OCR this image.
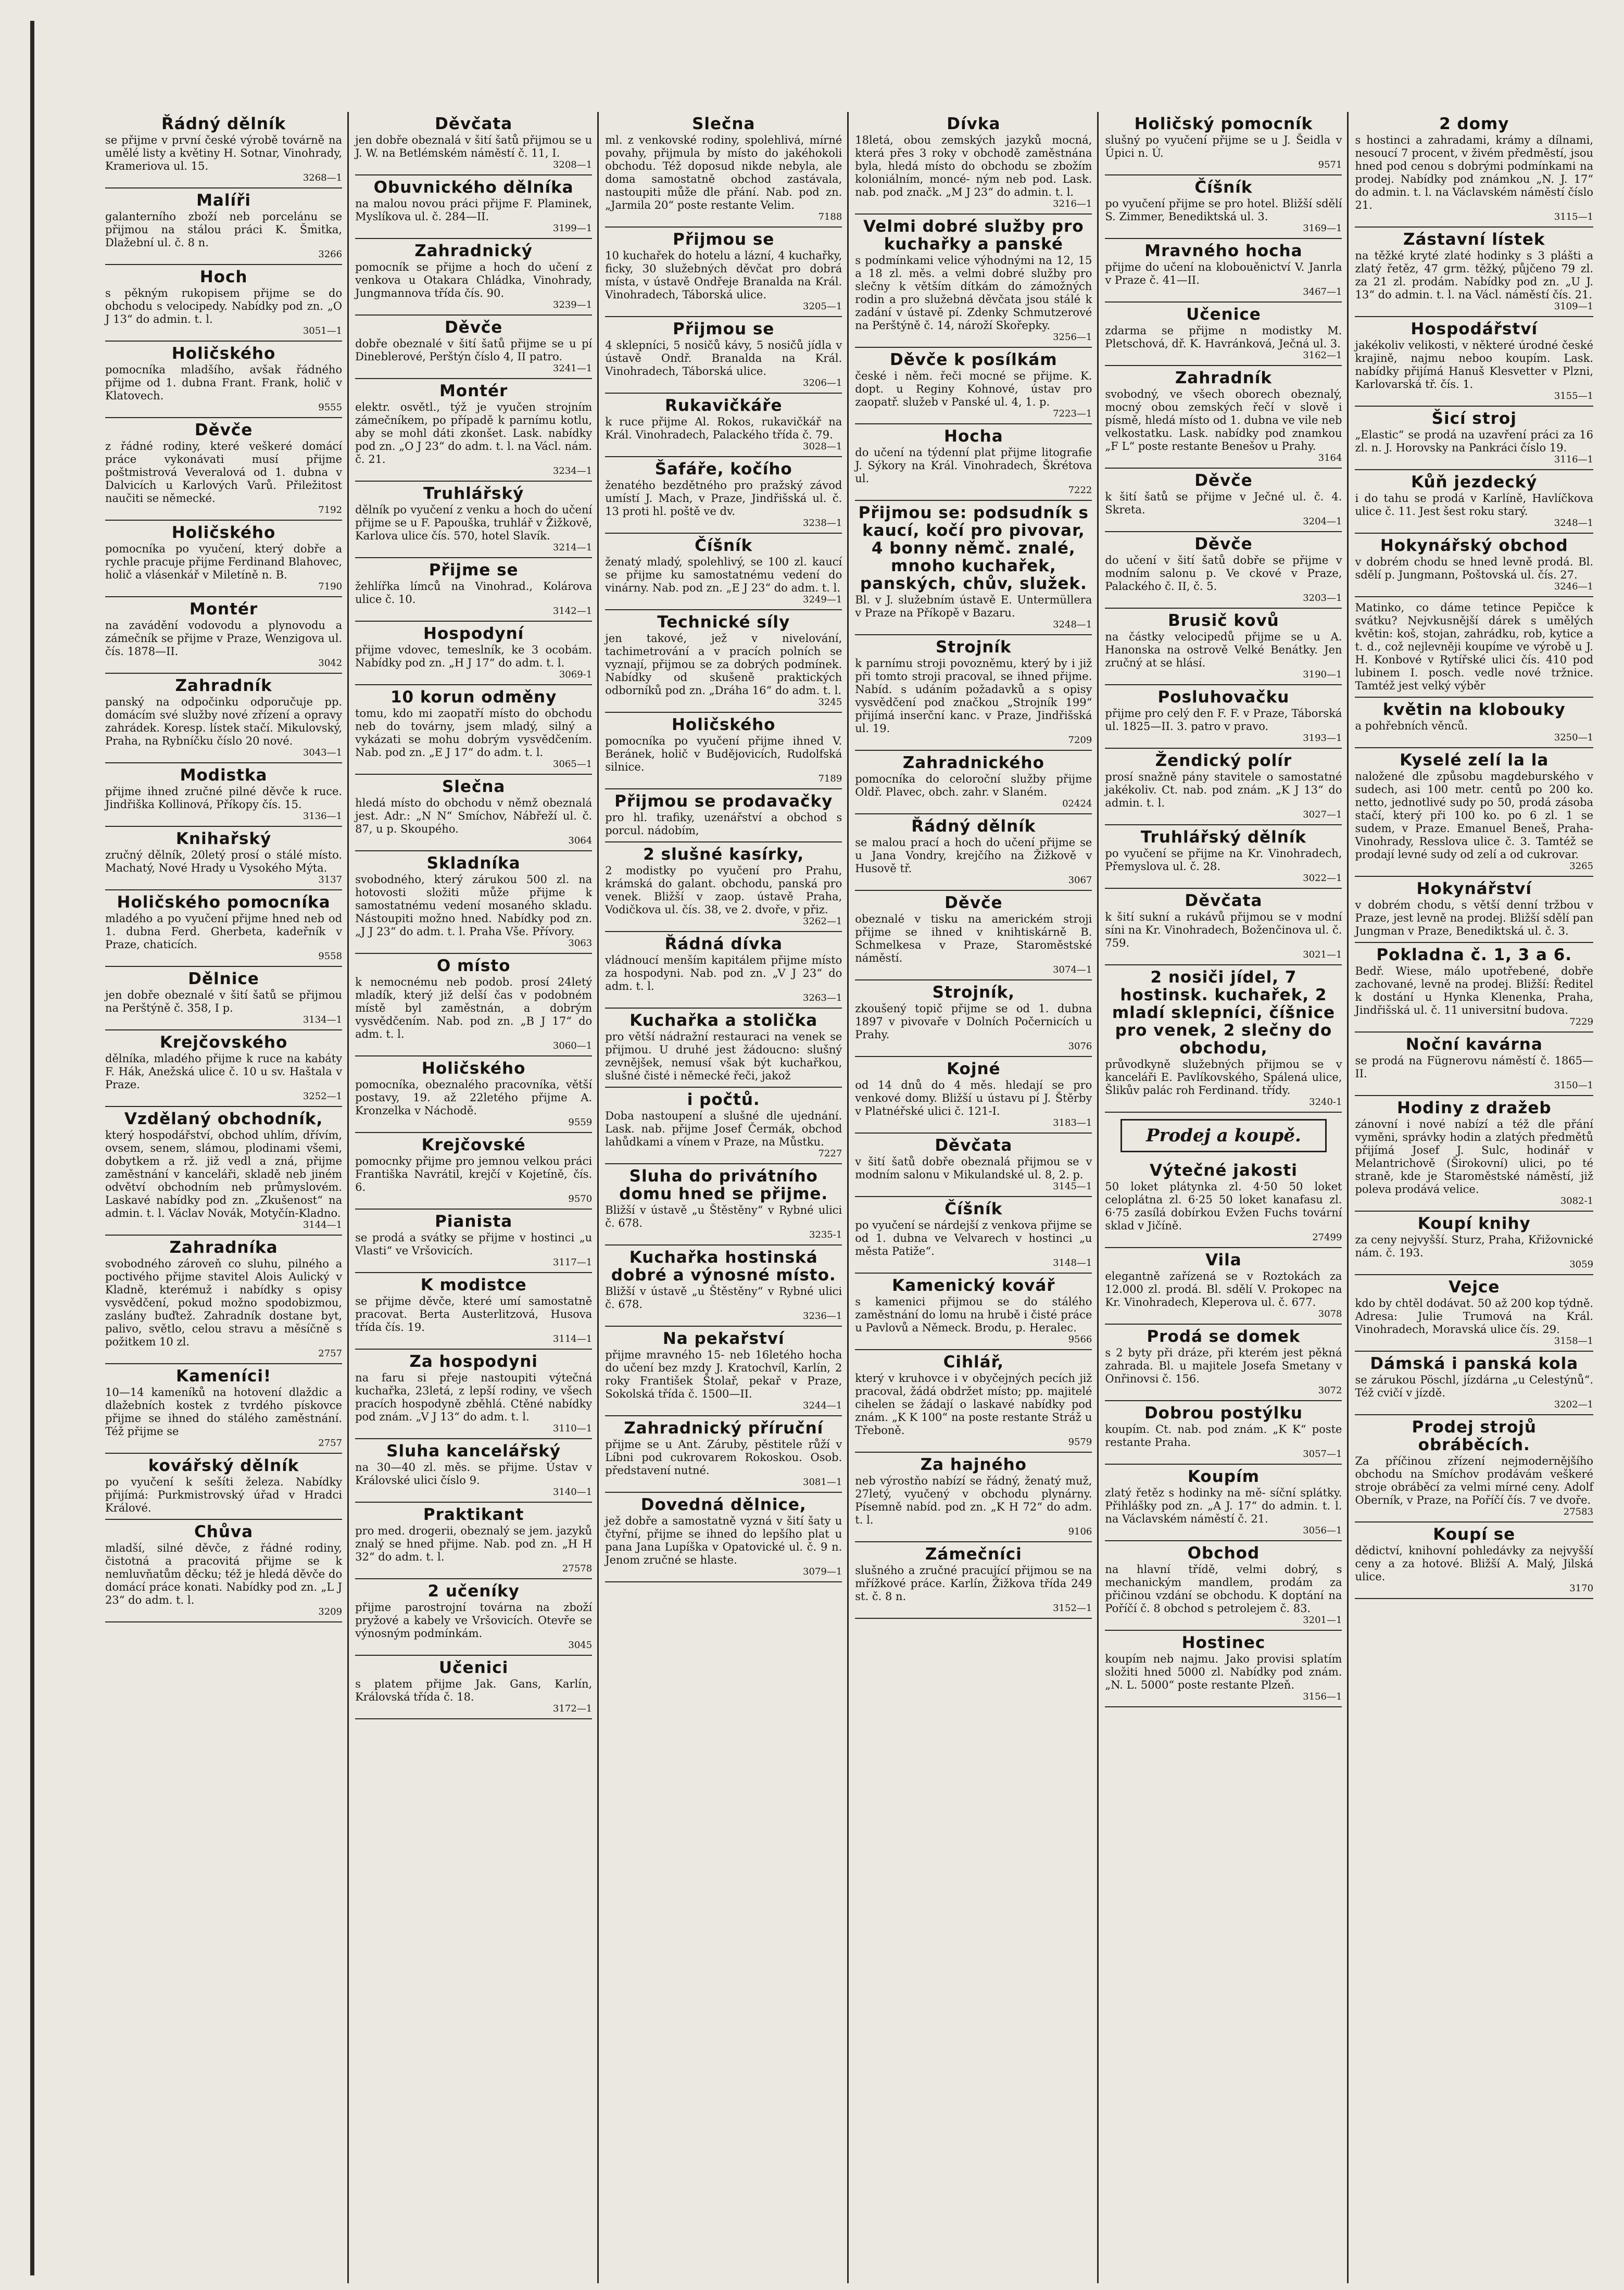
Řádný dělník

se přijme v první české výrobě továrně na umělé listy a květiny H. Sotnar, Vinohrady, Krameriova ul. 15.

3268—1
Malíři

galanterního zboží neb porcelánu se přijmou na stálou práci K. Šmitka, Dlažební ul. č. 8 n.

3266
Hoch

s pěkným rukopisem přijme se do obchodu s velocipedy. Nabídky pod zn. „O J 13“ do admin. t. l.

3051—1
Holičského

pomocníka mladšího, avšak řádného přijme od 1. dubna Frant. Frank, holič v Klatovech.

9555
Děvče

z řádné rodiny, které veškeré domácí práce vykonávati musí přijme poštmistrová Veveralová od 1. dubna v Dalvicích u Karlových Varů. Přiležitost naučiti se německé.

7192
Holičského

pomocníka po vyučení, který dobře a rychle pracuje přijme Ferdinand Blahovec, holič a vlásenkář v Miletíně n. B.

7190
Montér

na zavádění vodovodu a plynovodu a zámečník se přijme v Praze, Wenzigova ul. čís. 1878—II.

3042
Zahradník

panský na odpočinku odporučuje pp. domácím své služby nové zřízení a opravy zahrádek. Koresp. lístek stačí. Mikulovský, Praha, na Rybníčku číslo 20 nové.

3043—1
Modistka

přijme ihned zručné pilné děvče k ruce. Jindřiška Kollinová, Příkopy čís. 15.

3136—1
Knihařský

zručný dělník, 20letý prosí o stálé místo. Machatý, Nové Hrady u Vysokého Mýta.

3137
Holičského pomocníka

mladého a po vyučení přijme hned neb od 1. dubna Ferd. Gherbeta, kadeřník v Praze, chaticích.

9558
Dělnice

jen dobře obeznalé v šití šatů se přijmou na Perštýně č. 358, I p.

3134—1
Krejčovského

dělníka, mladého přijme k ruce na kabáty F. Hák, Anežská ulice č. 10 u sv. Haštala v Praze.

3252—1
Vzdělaný obchodník,

který hospodářství, obchod uhlím, dřívím, ovsem, senem, slámou, plodinami všemi, dobytkem a rž. již vedl a zná, přijme zaměstnání v kanceláři, skladě neb jiném odvětví obchodním neb průmyslovém. Laskavé nabídky pod zn. „Zkušenost“ na admin. t. l. Václav Novák, Motyčín-Kladno.

3144—1
Zahradníka

svobodného zároveň co sluhu, pilného a poctivého přijme stavitel Alois Aulický v Kladně, kterémuž i nabídky s opisy vysvědčení, pokud možno spodobizmou, zaslány buďtež. Zahradník dostane byt, palivo, světlo, celou stravu a měsíčně s požitkem 10 zl.

2757
Kameníci!

10—14 kameníků na hotovení dlaždic a dlažebních kostek z tvrdého pískovce přijme se ihned do stálého zaměstnání. Též přijme se

2757
kovářský dělník

po vyučení k sešíti železa. Nabídky přijímá: Purkmistrovský úřad v Hradci Králové.

Chůva

mladší, silné děvče, z řádné rodiny, čistotná a pracovitá přijme se k nemluvňatům děcku; též je hledá děvče do domácí práce konati. Nabídky pod zn. „L J 23“ do adm. t. l.

3209
Děvčata

jen dobře obeznalá v šití šatů přijmou se u J. W. na Betlémském náměstí č. 11, I.

3208—1
Obuvnického dělníka

na malou novou práci přijme F. Plaminek, Myslíkova ul. č. 284—II.

3199—1
Zahradnický

pomocník se přijme a hoch do učení z venkova u Otakara Chládka, Vinohrady, Jungmannova třída čís. 90.

3239—1
Děvče

dobře obeznalé v šití šatů přijme se u pí Dineblerové, Perštýn číslo 4, II patro.

3241—1
Montér

elektr. osvětl., týž je vyučen strojním zámečníkem, po případě k parnímu kotlu, aby se mohl dáti zkonšet. Lask. nabídky pod zn. „O J 23“ do adm. t. l. na Václ. nám. č. 21.

3234—1
Truhlářský

dělník po vyučení z venku a hoch do učení přijme se u F. Papouška, truhlář v Žižkově, Karlova ulice čís. 570, hotel Slavík.

3214—1
Přijme se

žehlířka límců na Vinohrad., Kolárova ulice č. 10.

3142—1
Hospodyní

přijme vdovec, temeslník, ke 3 ocobám. Nabídky pod zn. „H J 17“ do adm. t. l.

3069-1
10 korun odměny

tomu, kdo mi zaopatří místo do obchodu neb do továrny, jsem mladý, silný a vykázati se mohu dobrým vysvědčením. Nab. pod zn. „E J 17“ do adm. t. l.

3065—1
Slečna

hledá místo do obchodu v němž obeznalá jest. Adr.: „N N“ Smíchov, Nábřeží ul. č. 87, u p. Skoupého.

3064
Skladníka

svobodného, který zárukou 500 zl. na hotovosti složiti může přijme k samostatnému vedení mosaného skladu. Nástoupiti možno hned. Nabídky pod zn. „J J 23“ do adm. t. l. Praha Vše. Přívory.

3063
O místo

k nemocnému neb podob. prosí 24letý mladík, který již delší čas v podobném místě byl zaměstnán, a dobrým vysvědčením. Nab. pod zn. „B J 17“ do adm. t. l.

3060—1
Holičského

pomocníka, obeznalého pracovníka, větší postavy, 19. až 22letého přijme A. Kronzelka v Náchodě.

9559
Krejčovské

pomocnky přijme pro jemnou velkou práci Františka Navrátil, krejčí v Kojetíně, čís. 6.

9570
Pianista

se prodá a svátky se přijme v hostinci „u Vlasti“ ve Vršovicích.

3117—1
K modistce

se přijme děvče, které umí samostatně pracovat. Berta Austerlitzová, Husova třída čís. 19.

3114—1
Za hospodyni

na faru si přeje nastoupiti výtečná kuchařka, 23letá, z lepší rodiny, ve všech pracích hospodyně zběhlá. Ctěné nabídky pod znám. „V J 13“ do adm. t. l.

3110—1
Sluha kancelářský

na 30—40 zl. měs. se přijme. Ústav v Královské ulici číslo 9.

3140—1
Praktikant

pro med. drogerii, obeznalý se jem. jazyků znalý se hned přijme. Nab. pod zn. „H H 32“ do adm. t. l.

27578
2 učeníky

přijme parostrojní továrna na zboží pryžové a kabely ve Vršovicích. Otevře se výnosným podmínkám.

3045
Učenici

s platem přijme Jak. Gans, Karlín, Královská třída č. 18.

3172—1
Slečna

ml. z venkovské rodiny, spolehlivá, mírné povahy, přijmula by místo do jakéhokoli obchodu. Též doposud nikde nebyla, ale doma samostatně obchod zastávala, nastoupiti může dle přání. Nab. pod zn. „Jarmila 20“ poste restante Velim.

7188
Přijmou se

10 kuchařek do hotelu a lázní, 4 kuchařky, ficky, 30 služebných děvčat pro dobrá místa, v ústavě Ondřeje Branalda na Král. Vinohradech, Táborská ulice.

3205—1
Přijmou se

4 sklepníci, 5 nosičů kávy, 5 nosičů jídla v ústavě Ondř. Branalda na Král. Vinohradech, Táborská ulice.

3206—1
Rukavičkáře

k ruce přijme Al. Rokos, rukavičkář na Král. Vinohradech, Palackého třída č. 79.

3028—1
Šafáře, kočího

ženatého bezdětného pro pražský závod umístí J. Mach, v Praze, Jindřišská ul. č. 13 proti hl. poště ve dv.

3238—1
Číšník

ženatý mladý, spolehlivý, se 100 zl. kaucí se přijme ku samostatnému vedení do vinárny. Nab. pod zn. „E J 23“ do adm. t. l.

3249—1
Technické síly

jen takové, jež v nivelování, tachimetrování a v pracích polních se vyznají, přijmou se za dobrých podmínek. Nabídky od skušeně praktických odborníků pod zn. „Dráha 16“ do adm. t. l.

3245
Holičského

pomocníka po vyučení přijme ihned V. Beránek, holič v Budějovicích, Rudolfská silnice.

7189
Přijmou se prodavačky

pro hl. trafiky, uzenářství a obchod s porcul. nádobím,

2 slušné kasírky,

2 modistky po vyučení pro Prahu, krámská do galant. obchodu, panská pro venek. Bližší v zaop. ústavě Praha, Vodičkova ul. čís. 38, ve 2. dvoře, v přiz.

3262—1
Řádná dívka

vládnoucí menším kapitálem přijme místo za hospodyni. Nab. pod zn. „V J 23“ do adm. t. l.

3263—1
Kuchařka a stolička

pro větší nádražní restauraci na venek se přijmou. U druhé jest žádoucno: slušný zevnějšek, nemusí však být kuchařkou, slušné čisté i německé řeči, jakož

i počtů.

Doba nastoupení a slušné dle ujednání. Lask. nab. přijme Josef Čermák, obchod lahůdkami a vínem v Praze, na Můstku.

7227
Sluha do privátního domu hned se přijme.

Bližší v ústavě „u Štěstěny“ v Rybné ulici č. 678.

3235-1
Kuchařka hostinská dobré a výnosné místo.

Bližší v ústavě „u Štěstěny“ v Rybné ulici č. 678.

3236—1
Na pekařství

přijme mravného 15- neb 16letého hocha do učení bez mzdy J. Kratochvíl, Karlín, 2 roky František Štolař, pekař v Praze, Sokolská třída č. 1500—II.

3244—1
Zahradnický příruční

přijme se u Ant. Záruby, pěstitele růží v Líbni pod cukrovarem Rokoskou. Osob. představení nutné.

3081—1
Dovedná dělnice,

jež dobře a samostatně vyzná v šití šaty u čtyřní, přijme se ihned do lepšího plat u pana Jana Lupíška v Opatovické ul. č. 9 n. Jenom zručné se hlaste.

3079—1
Dívka

18letá, obou zemských jazyků mocná, která přes 3 roky v obchodě zaměstnána byla, hledá místo do obchodu se zbožím koloniálním, moncé- ným neb pod. Lask. nab. pod značk. „M J 23“ do admin. t. l.

3216—1
Velmi dobré služby pro kuchařky a panské

s podmínkami velice výhodnými na 12, 15 a 18 zl. měs. a velmi dobré služby pro slečny k větším dítkám do zámožných rodin a pro služebná děvčata jsou stálé k zadání v ústavě pí. Zdenky Schmutzerové na Perštýně č. 14, nároží Skořepky.

3256—1
Děvče k posílkám

české i něm. řeči mocné se přijme. K. dopt. u Reginy Kohnové, ústav pro zaopatř. služeb v Panské ul. 4, 1. p.

7223—1
Hocha

do učení na týdenní plat přijme litografie J. Sýkory na Král. Vinohradech, Škrétova ul.

7222
Přijmou se: podsudník s kaucí, kočí pro pivovar, 4 bonny němč. znalé, mnoho kuchařek, panských, chův, služek.

Bl. v J. služebním ústavě E. Untermüllera v Praze na Příkopě v Bazaru.

3248—1
Strojník

k parnímu stroji povozněmu, který by i již při tomto stroji pracoval, se ihned přijme. Nabíd. s udáním požadavků a s opisy vysvědčení pod značkou „Strojník 199“ přijímá inserční kanc. v Praze, Jindřišská ul. 19.

7209
Zahradnického

pomocníka do celoroční služby přijme Oldř. Plavec, obch. zahr. v Slaném.

02424
Řádný dělník

se malou prací a hoch do učení přijme se u Jana Vondry, krejčího na Žižkově v Husově tř.

3067
Děvče

obeznalé v tisku na americkém stroji přijme se ihned v knihtiskárně B. Schmelkesa v Praze, Staroměstské náměstí.

3074—1
Strojník,

zkoušený topič přijme se od 1. dubna 1897 v pivovaře v Dolních Počernicích u Prahy.

3076
Kojné

od 14 dnů do 4 měs. hledají se pro venkové domy. Bližší u ústavu pí J. Štěrby v Platnéřské ulici č. 121-I.

3183—1
Děvčata

v šití šatů dobře obeznalá přijmou se v modním salonu v Mikulandské ul. 8, 2. p.

3145—1
Číšník

po vyučení se nárdejší z venkova přijme se od 1. dubna ve Velvarech v hostinci „u města Patiže“.

3148—1
Kamenický kovář

s kamenici přijmou se do stálého zaměstnání do lomu na hrubě i čisté práce u Pavlovů a Německ. Brodu, p. Heralec.

9566
Cihlář,

který v kruhovce i v obyčejných pecích již pracoval, žádá obdržet místo; pp. majitelé cihelen se žádají o laskavé nabídky pod znám. „K K 100“ na poste restante Stráž u Třeboně.

9579
Za hajného

neb výrostňo nabízí se řádný, ženatý muž, 27letý, vyučený v obchodu plynárny. Písemně nabíd. pod zn. „K H 72“ do adm. t. l.

9106
Zámečníci

slušného a zručné pracující přijmou se na mřížkové práce. Karlín, Žižkova třída 249 st. č. 8 n.

3152—1
Holičský pomocník

slušný po vyučení přijme se u J. Šeidla v Úpici n. Ú.

9571
Číšník

po vyučení přijme se pro hotel. Bližší sdělí S. Zimmer, Benediktská ul. 3.

3169—1
Mravného hocha

přijme do učení na klobouěnictví V. Janrla v Praze č. 41—II.

3467—1
Učenice

zdarma se přijme n modistky M. Pletschová, dř. K. Havránková, Ječná ul. 3.

3162—1
Zahradník

svobodný, ve všech oborech obeznalý, mocný obou zemských řečí v slově i písmě, hledá místo od 1. dubna ve vile neb velkostatku. Lask. nabídky pod znamkou „F L“ poste restante Benešov u Prahy.

3164
Děvče

k šití šatů se přijme v Ječné ul. č. 4. Skreta.

3204—1
Děvče

do učení v šití šatů dobře se přijme v modním salonu p. Ve ckové v Praze, Palackého č. II, č. 5.

3203—1
Brusič kovů

na částky velocipedů přijme se u A. Hanonska na ostrově Velké Benátky. Jen zručný at se hlásí.

3190—1
Posluhovačku

přijme pro celý den F. F. v Praze, Táborská ul. 1825—II. 3. patro v pravo.

3193—1
Žendický polír

prosí snažně pány stavitele o samostatné jakékoliv. Ct. nab. pod znám. „K J 13“ do admin. t. l.

3027—1
Truhlářský dělník

po vyučení se přijme na Kr. Vinohradech, Přemyslova ul. č. 28.

3022—1
Děvčata

k šití sukní a rukávů přijmou se v modní síni na Kr. Vinohradech, Boženčinova ul. č. 759.

3021—1
2 nosiči jídel, 7 hostinsk. kuchařek, 2 mladí sklepníci, číšnice pro venek, 2 slečny do obchodu,

průvodkyně služebných přijmou se v kanceláři E. Pavlíkovského, Spálená ulice, Šlikův palác roh Ferdinand. třídy.

3240-1
Prodej a koupě.
Výtečné jakosti

50 loket plátynka zl. 4·50 50 loket celoplátna zl. 6·25 50 loket kanafasu zl. 6·75 zasílá dobírkou Evžen Fuchs tovární sklad v Jičíně.

27499
Vila

elegantně zařízená se v Roztokách za 12.000 zl. prodá. Bl. sdělí V. Prokopec na Kr. Vinohradech, Kleperova ul. č. 677.

3078
Prodá se domek

s 2 byty při dráze, při kterém jest pěkná zahrada. Bl. u majitele Josefa Smetany v Onřinovsi č. 156.

3072
Dobrou postýlku

koupím. Ct. nab. pod znám. „K K“ poste restante Praha.

3057—1
Koupím

zlatý řetěz s hodinky na mě- síční splátky. Přihlášky pod zn. „A J. 17“ do admin. t. l. na Václavském náměstí č. 21.

3056—1
Obchod

na hlavní třídě, velmi dobrý, s mechanickým mandlem, prodám za přičinou vzdání se obchodu. K doptání na Poříčí č. 8 obchod s petrolejem č. 83.

3201—1
Hostinec

koupím neb najmu. Jako provisi splatím složiti hned 5000 zl. Nabídky pod znám. „N. L. 5000“ poste restante Plzeň.

3156—1
2 domy

s hostinci a zahradami, krámy a dílnami, nesoucí 7 procent, v živém předměstí, jsou hned pod cenou s dobrými podmínkami na prodej. Nabídky pod známkou „N. J. 17“ do admin. t. l. na Václavském náměstí číslo 21.

3115—1
Zástavní lístek

na těžké kryté zlaté hodinky s 3 plášti a zlatý řetěz, 47 grm. těžký, půjčeno 79 zl. za 21 zl. prodám. Nabídky pod zn. „U J. 13“ do admin. t. l. na Václ. náměstí čís. 21.

3109—1
Hospodářství

jakékoliv velikosti, v některé úrodné české krajině, najmu neboo koupím. Lask. nabídky přijímá Hanuš Klesvetter v Plzni, Karlovarská tř. čís. 1.

3155—1
Šicí stroj

„Elastic“ se prodá na uzavření práci za 16 zl. n. J. Horovsky na Pankráci číslo 19.

3116—1
Kůň jezdecký

i do tahu se prodá v Karlíně, Havlíčkova ulice č. 11. Jest šest roku starý.

3248—1
Hokynářský obchod

v dobrém chodu se hned levně prodá. Bl. sdělí p. Jungmann, Poštovská ul. čís. 27.

3246—1

Matinko, co dáme tetince Pepičce k svátku? Nejvkusnější dárek s umělých květin: koš, stojan, zahrádku, rob, kytice a t. d., což nejlevněji koupíme ve výrobě u J. H. Konbové v Rytířské ulici čís. 410 pod lubinem I. posch. vedle nové tržnice. Tamtéž jest velký výběr

květin na klobouky

a pohřebních věnců.

3250—1
Kyselé zelí la la

naložené dle způsobu magdeburského v sudech, asi 100 metr. centů po 200 ko. netto, jednotlivé sudy po 50, prodá zásoba stačí, který při 100 ko. po 6 zl. 1 se sudem, v Praze. Emanuel Beneš, Praha-Vinohrady, Resslova ulice č. 3. Tamtéž se prodají levné sudy od zelí a od cukrovar.

3265
Hokynářství

v dobrém chodu, s větší denní tržbou v Praze, jest levně na prodej. Bližší sdělí pan Jungman v Praze, Benediktská ul. č. 3.

Pokladna č. 1, 3 a 6.

Bedř. Wiese, málo upotřebené, dobře zachované, levně na prodej. Bližší: Ředitel k dostání u Hynka Klenenka, Praha, Jindřišská ul. č. 11 universitní budova.

7229
Noční kavárna

se prodá na Fügnerovu náměstí č. 1865—II.

3150—1
Hodiny z dražeb

zánovní i nové nabízí a též dle přání vyměni, správky hodin a zlatých předmětů přijímá Josef J. Sulc, hodinář v Melantrichově (Širokovní) ulici, po té straně, kde je Staroměstské náměstí, již poleva prodává velice.

3082-1
Koupí knihy

za ceny nejvyšší. Sturz, Praha, Křižovnické nám. č. 193.

3059
Vejce

kdo by chtěl dodávat. 50 až 200 kop týdně. Adresa: Julie Trumová na Král. Vinohradech, Moravská ulice čís. 29.

3158—1
Dámská i panská kola

se zárukou Pöschl, jízdárna „u Celestýnů“. Též cvičí v jízdě.

3202—1
Prodej strojů obráběcích.

Za příčinou zřízení nejmodernějšího obchodu na Smíchov prodávám veškeré stroje obráběcí za velmi mírné ceny. Adolf Oberník, v Praze, na Poříčí čís. 7 ve dvoře.

27583
Koupí se

dědictví, knihovní pohledávky za nejvyšší ceny a za hotové. Bližší A. Malý, Jilská ulice.

3170
